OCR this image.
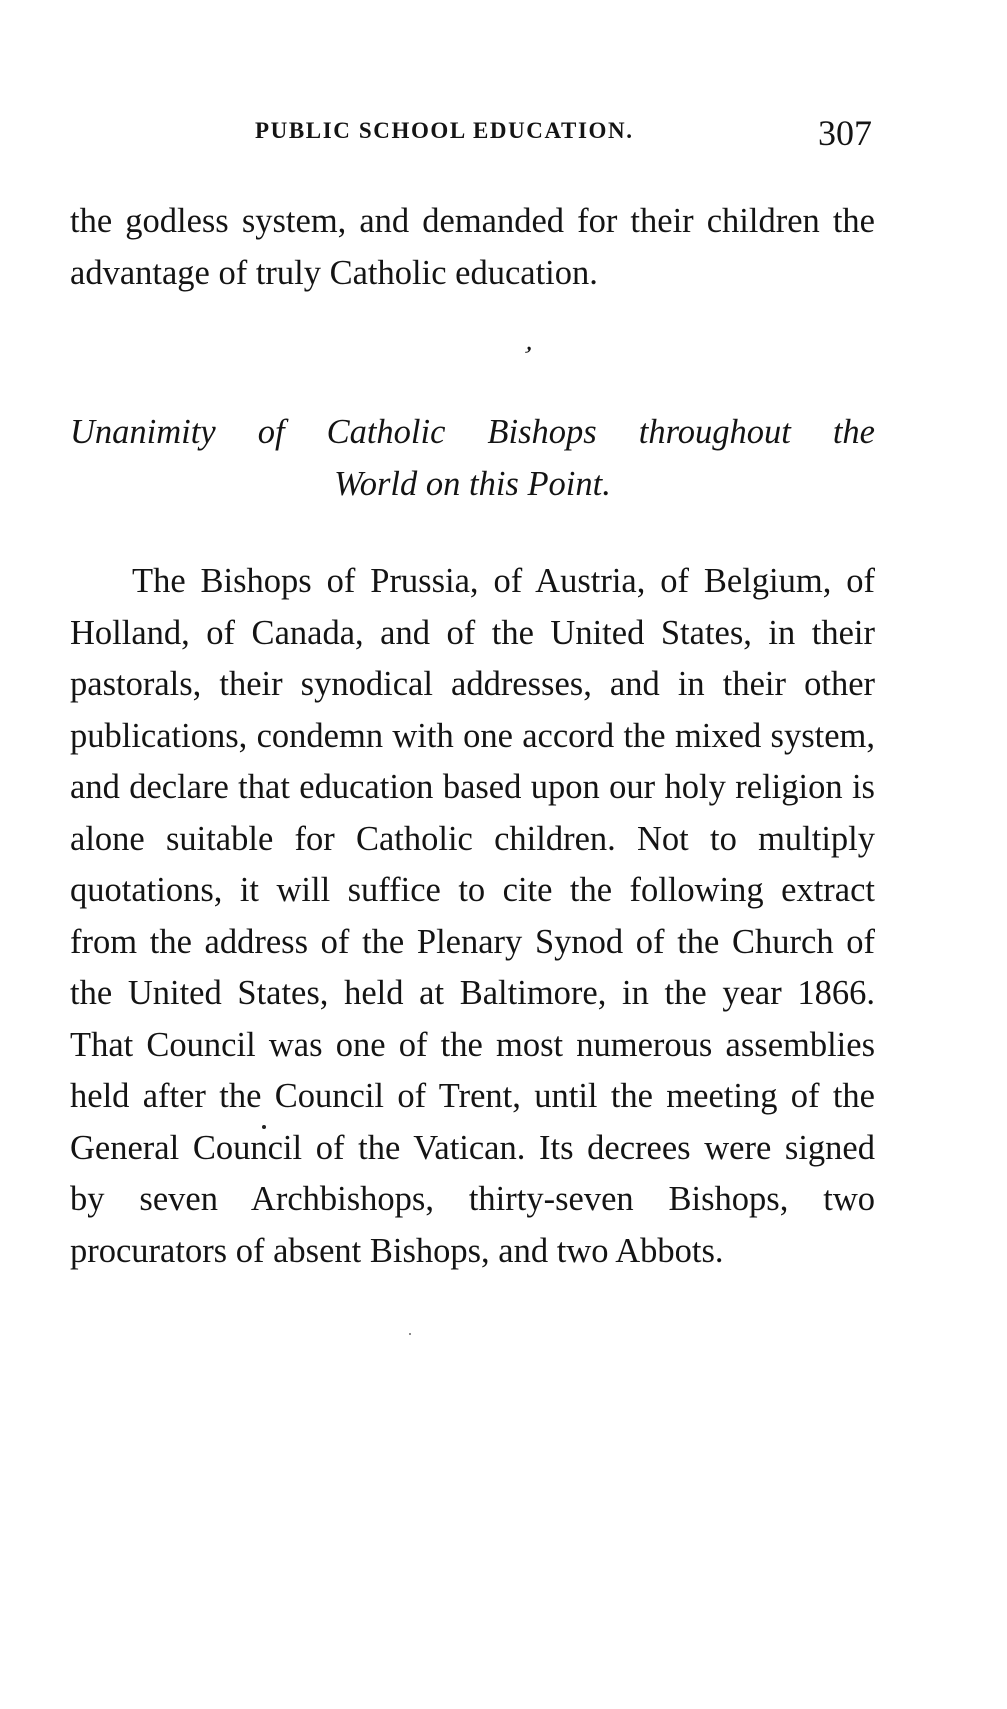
PUBLIC SCHOOL EDUCATION.	307

the godless system, and demanded for their children the advantage of truly Catholic education.

,
Unanimity of Catholic Bishops throughout the
World on this Point.

The Bishops of Prussia, of Austria, of Belgium, of Holland, of Canada, and of the United States, in their pastorals, their synodical addresses, and in their other publications, condemn with one accord the mixed system, and declare that education based upon our holy religion is alone suitable for Catholic children. Not to multiply quotations, it will suffice to cite the following extract from the address of the Plenary Synod of the Church of the United States, held at Baltimore, in the year 1866. That Council was one of the most numerous assemblies held after the Council of Trent, until the meeting of the General Council of the Vatican. Its decrees were signed by seven Archbishops, thirty-seven Bishops, two procurators of absent Bishops, and two Abbots.
